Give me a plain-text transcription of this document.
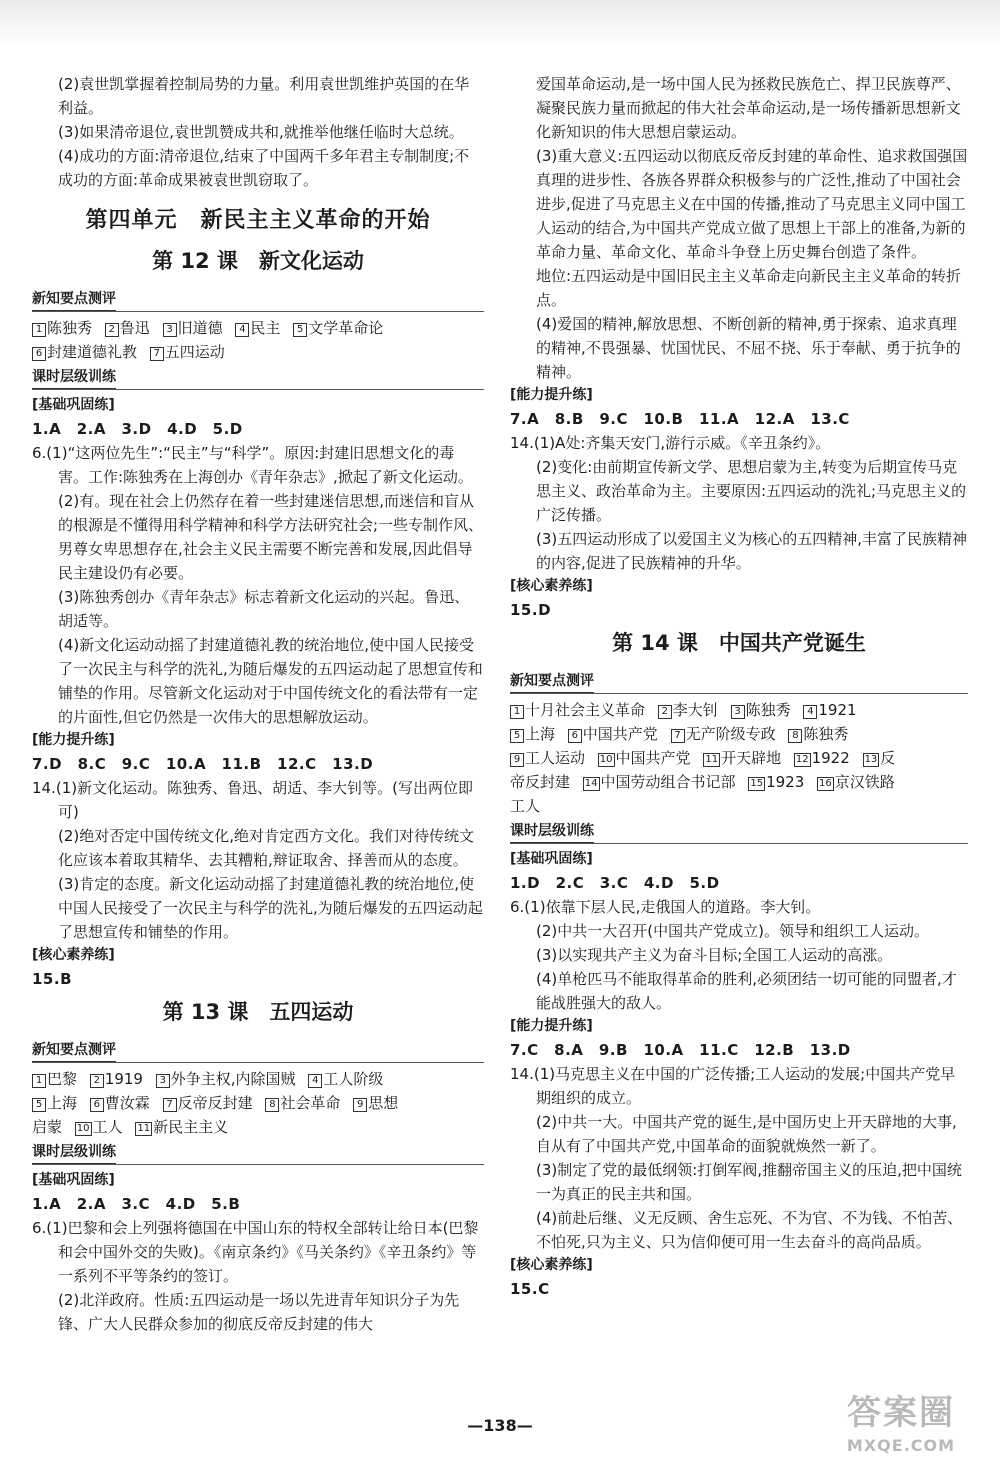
(2)袁世凯掌握着控制局势的力量。利用袁世凯维护英国的在华利益。

(3)如果清帝退位,袁世凯赞成共和,就推举他继任临时大总统。

(4)成功的方面:清帝退位,结束了中国两千多年君主专制制度;不成功的方面:革命成果被袁世凯窃取了。

第四单元　新民主主义革命的开始
第 12 课　新文化运动
新知要点测评
1 陈独秀 2 鲁迅 3 旧道德 4 民主 5 文学革命论
6 封建道德礼教 7 五四运动
课时层级训练
[基础巩固练]

1.A　2.A　3.D　4.D　5.D

6.(1)“这两位先生”:“民主”与“科学”。原因:封建旧思想文化的毒害。工作:陈独秀在上海创办《青年杂志》,掀起了新文化运动。

(2)有。现在社会上仍然存在着一些封建迷信思想,而迷信和盲从的根源是不懂得用科学精神和科学方法研究社会;一些专制作风、男尊女卑思想存在,社会主义民主需要不断完善和发展,因此倡导民主建设仍有必要。

(3)陈独秀创办《青年杂志》标志着新文化运动的兴起。鲁迅、胡适等。

(4)新文化运动动摇了封建道德礼教的统治地位,使中国人民接受了一次民主与科学的洗礼,为随后爆发的五四运动起了思想宣传和铺垫的作用。尽管新文化运动对于中国传统文化的看法带有一定的片面性,但它仍然是一次伟大的思想解放运动。

[能力提升练]

7.D　8.C　9.C　10.A　11.B　12.C　13.D

14.(1)新文化运动。陈独秀、鲁迅、胡适、李大钊等。(写出两位即可)

(2)绝对否定中国传统文化,绝对肯定西方文化。我们对待传统文化应该本着取其精华、去其糟粕,辩证取舍、择善而从的态度。

(3)肯定的态度。新文化运动动摇了封建道德礼教的统治地位,使中国人民接受了一次民主与科学的洗礼,为随后爆发的五四运动起了思想宣传和铺垫的作用。

[核心素养练]

15.B

第 13 课　五四运动
新知要点测评
1 巴黎 2 1919 3 外争主权,内除国贼 4 工人阶级
5 上海 6 曹汝霖 7 反帝反封建 8 社会革命 9 思想
启蒙 10 工人 11 新民主主义
课时层级训练
[基础巩固练]

1.A　2.A　3.C　4.D　5.B

6.(1)巴黎和会上列强将德国在中国山东的特权全部转让给日本(巴黎和会中国外交的失败)。《南京条约》《马关条约》《辛丑条约》等一系列不平等条约的签订。

(2)北洋政府。性质:五四运动是一场以先进青年知识分子为先锋、广大人民群众参加的彻底反帝反封建的伟大

爱国革命运动,是一场中国人民为拯救民族危亡、捍卫民族尊严、凝聚民族力量而掀起的伟大社会革命运动,是一场传播新思想新文化新知识的伟大思想启蒙运动。

(3)重大意义:五四运动以彻底反帝反封建的革命性、追求救国强国真理的进步性、各族各界群众积极参与的广泛性,推动了中国社会进步,促进了马克思主义在中国的传播,推动了马克思主义同中国工人运动的结合,为中国共产党成立做了思想上干部上的准备,为新的革命力量、革命文化、革命斗争登上历史舞台创造了条件。

地位:五四运动是中国旧民主主义革命走向新民主主义革命的转折点。

(4)爱国的精神,解放思想、不断创新的精神,勇于探索、追求真理的精神,不畏强暴、忧国忧民、不屈不挠、乐于奉献、勇于抗争的精神。

[能力提升练]

7.A　8.B　9.C　10.B　11.A　12.A　13.C

14.(1)A处:齐集天安门,游行示威。《辛丑条约》。

(2)变化:由前期宣传新文学、思想启蒙为主,转变为后期宣传马克思主义、政治革命为主。主要原因:五四运动的洗礼;马克思主义的广泛传播。

(3)五四运动形成了以爱国主义为核心的五四精神,丰富了民族精神的内容,促进了民族精神的升华。

[核心素养练]

15.D

第 14 课　中国共产党诞生
新知要点测评
1 十月社会主义革命 2 李大钊 3 陈独秀 4 1921
5 上海 6 中国共产党 7 无产阶级专政 8 陈独秀
9 工人运动 10 中国共产党 11 开天辟地 12 1922 13 反
帝反封建 14 中国劳动组合书记部 15 1923 16 京汉铁路
工人
课时层级训练
[基础巩固练]

1.D　2.C　3.C　4.D　5.D

6.(1)依靠下层人民,走俄国人的道路。李大钊。

(2)中共一大召开(中国共产党成立)。领导和组织工人运动。

(3)以实现共产主义为奋斗目标;全国工人运动的高涨。

(4)单枪匹马不能取得革命的胜利,必须团结一切可能的同盟者,才能战胜强大的敌人。

[能力提升练]

7.C　8.A　9.B　10.A　11.C　12.B　13.D

14.(1)马克思主义在中国的广泛传播;工人运动的发展;中国共产党早期组织的成立。

(2)中共一大。中国共产党的诞生,是中国历史上开天辟地的大事,自从有了中国共产党,中国革命的面貌就焕然一新了。

(3)制定了党的最低纲领:打倒军阀,推翻帝国主义的压迫,把中国统一为真正的民主共和国。

(4)前赴后继、义无反顾、舍生忘死、不为官、不为钱、不怕苦、不怕死,只为主义、只为信仰便可用一生去奋斗的高尚品质。

[核心素养练]

15.C

—138—	答案圈
MXQE.COM
